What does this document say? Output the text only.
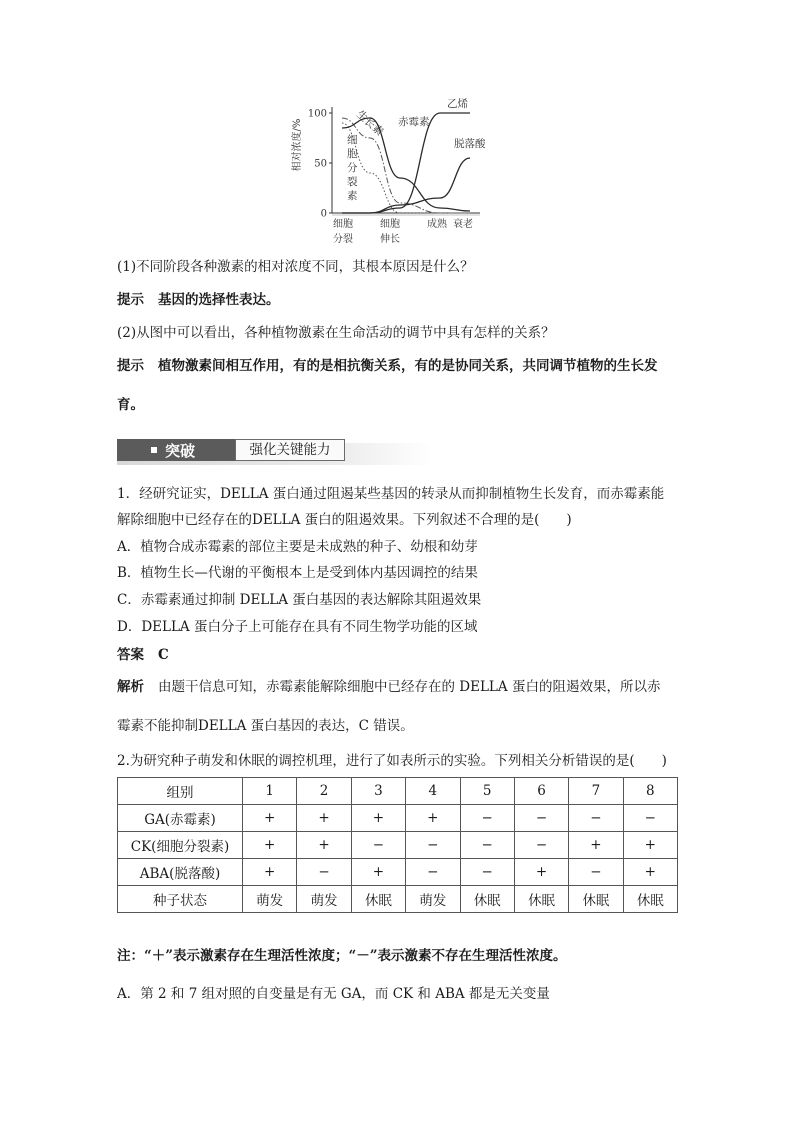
相对浓度/%
100
50
0
细胞
分裂
细胞
伸长
成熟 衰老
细
胞
分
裂
素
生长素 赤霉素
乙烯
脱落酸
(1)不同阶段各种激素的相对浓度不同，其根本原因是什么？
提示 基因的选择性表达。
(2)从图中可以看出，各种植物激素在生命活动的调节中具有怎样的关系？
提示 植物激素间相互作用，有的是相抗衡关系，有的是协同关系，共同调节植物的生长发
育。
突破	强化关键能力
1．经研究证实，DELLA 蛋白通过阻遏某些基因的转录从而抑制植物生长发育，而赤霉素能
解除细胞中已经存在的DELLA 蛋白的阻遏效果。下列叙述不合理的是(　　)
A．植物合成赤霉素的部位主要是未成熟的种子、幼根和幼芽
B．植物生长—代谢的平衡根本上是受到体内基因调控的结果
C．赤霉素通过抑制 DELLA 蛋白基因的表达解除其阻遏效果
D．DELLA 蛋白分子上可能存在具有不同生物学功能的区域
答案 C
解析 由题干信息可知，赤霉素能解除细胞中已经存在的 DELLA 蛋白的阻遏效果，所以赤
霉素不能抑制DELLA 蛋白基因的表达，C 错误。
2.为研究种子萌发和休眠的调控机理，进行了如表所示的实验。下列相关分析错误的是(　　)
组别	1	2	3	4	5	6	7	8
GA(赤霉素)	+	+	+	+	−	−	−	−
CK(细胞分裂素)	+	+	−	−	−	−	+	+
ABA(脱落酸)	+	−	+	−	−	+	−	+
种子状态	萌发	萌发	休眠	萌发	休眠	休眠	休眠	休眠
注：“＋”表示激素存在生理活性浓度；“－”表示激素不存在生理活性浓度。
A．第 2 和 7 组对照的自变量是有无 GA，而 CK 和 ABA 都是无关变量
